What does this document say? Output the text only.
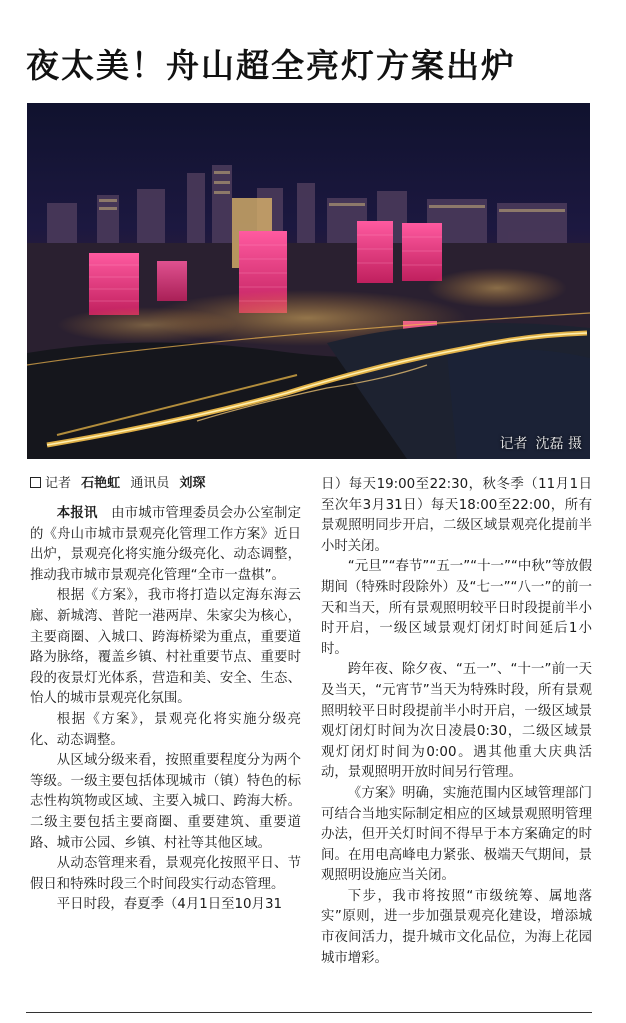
夜太美！舟山超全亮灯方案出炉
记者 沈磊 摄
记者 石艳虹 通讯员 刘琛

本报讯　 由市城市管理委员会办公室制定的《舟山市城市景观亮化管理工作方案》近日出炉，景观亮化将实施分级亮化、动态调整，推动我市城市景观亮化管理“全市一盘棋”。

根据《方案》，我市将打造以定海东海云廊、新城湾、普陀一港两岸、朱家尖为核心，主要商圈、入城口、跨海桥梁为重点，重要道路为脉络，覆盖乡镇、村社重要节点、重要时段的夜景灯光体系，营造和美、安全、生态、怡人的城市景观亮化氛围。

根据《方案》，景观亮化将实施分级亮化、动态调整。

从区域分级来看，按照重要程度分为两个等级。一级主要包括体现城市（镇）特色的标志性构筑物或区域、主要入城口、跨海大桥。二级主要包括主要商圈、重要建筑、重要道路、城市公园、乡镇、村社等其他区域。

从动态管理来看，景观亮化按照平日、节假日和特殊时段三个时间段实行动态管理。

平日时段，春夏季（4月1日至10月31

日）每天19:00至22:30，秋冬季（11月1日至次年3月31日）每天18:00至22:00，所有景观照明同步开启，二级区域景观亮化提前半小时关闭。

“元旦”“春节”“五一”“十一”“中秋”等放假期间（特殊时段除外）及“七一”“八一”的前一天和当天，所有景观照明较平日时段提前半小时开启，一级区域景观灯闭灯时间延后1小时。

跨年夜、除夕夜、“五一”、“十一”前一天及当天，“元宵节”当天为特殊时段，所有景观照明较平日时段提前半小时开启，一级区域景观灯闭灯时间为次日凌晨0:30，二级区域景观灯闭灯时间为0:00。遇其他重大庆典活动，景观照明开放时间另行管理。

《方案》明确，实施范围内区域管理部门可结合当地实际制定相应的区域景观照明管理办法，但开关灯时间不得早于本方案确定的时间。在用电高峰电力紧张、极端天气期间，景观照明设施应当关闭。

下步，我市将按照“市级统筹、属地落实”原则，进一步加强景观亮化建设，增添城市夜间活力，提升城市文化品位，为海上花园城市增彩。
